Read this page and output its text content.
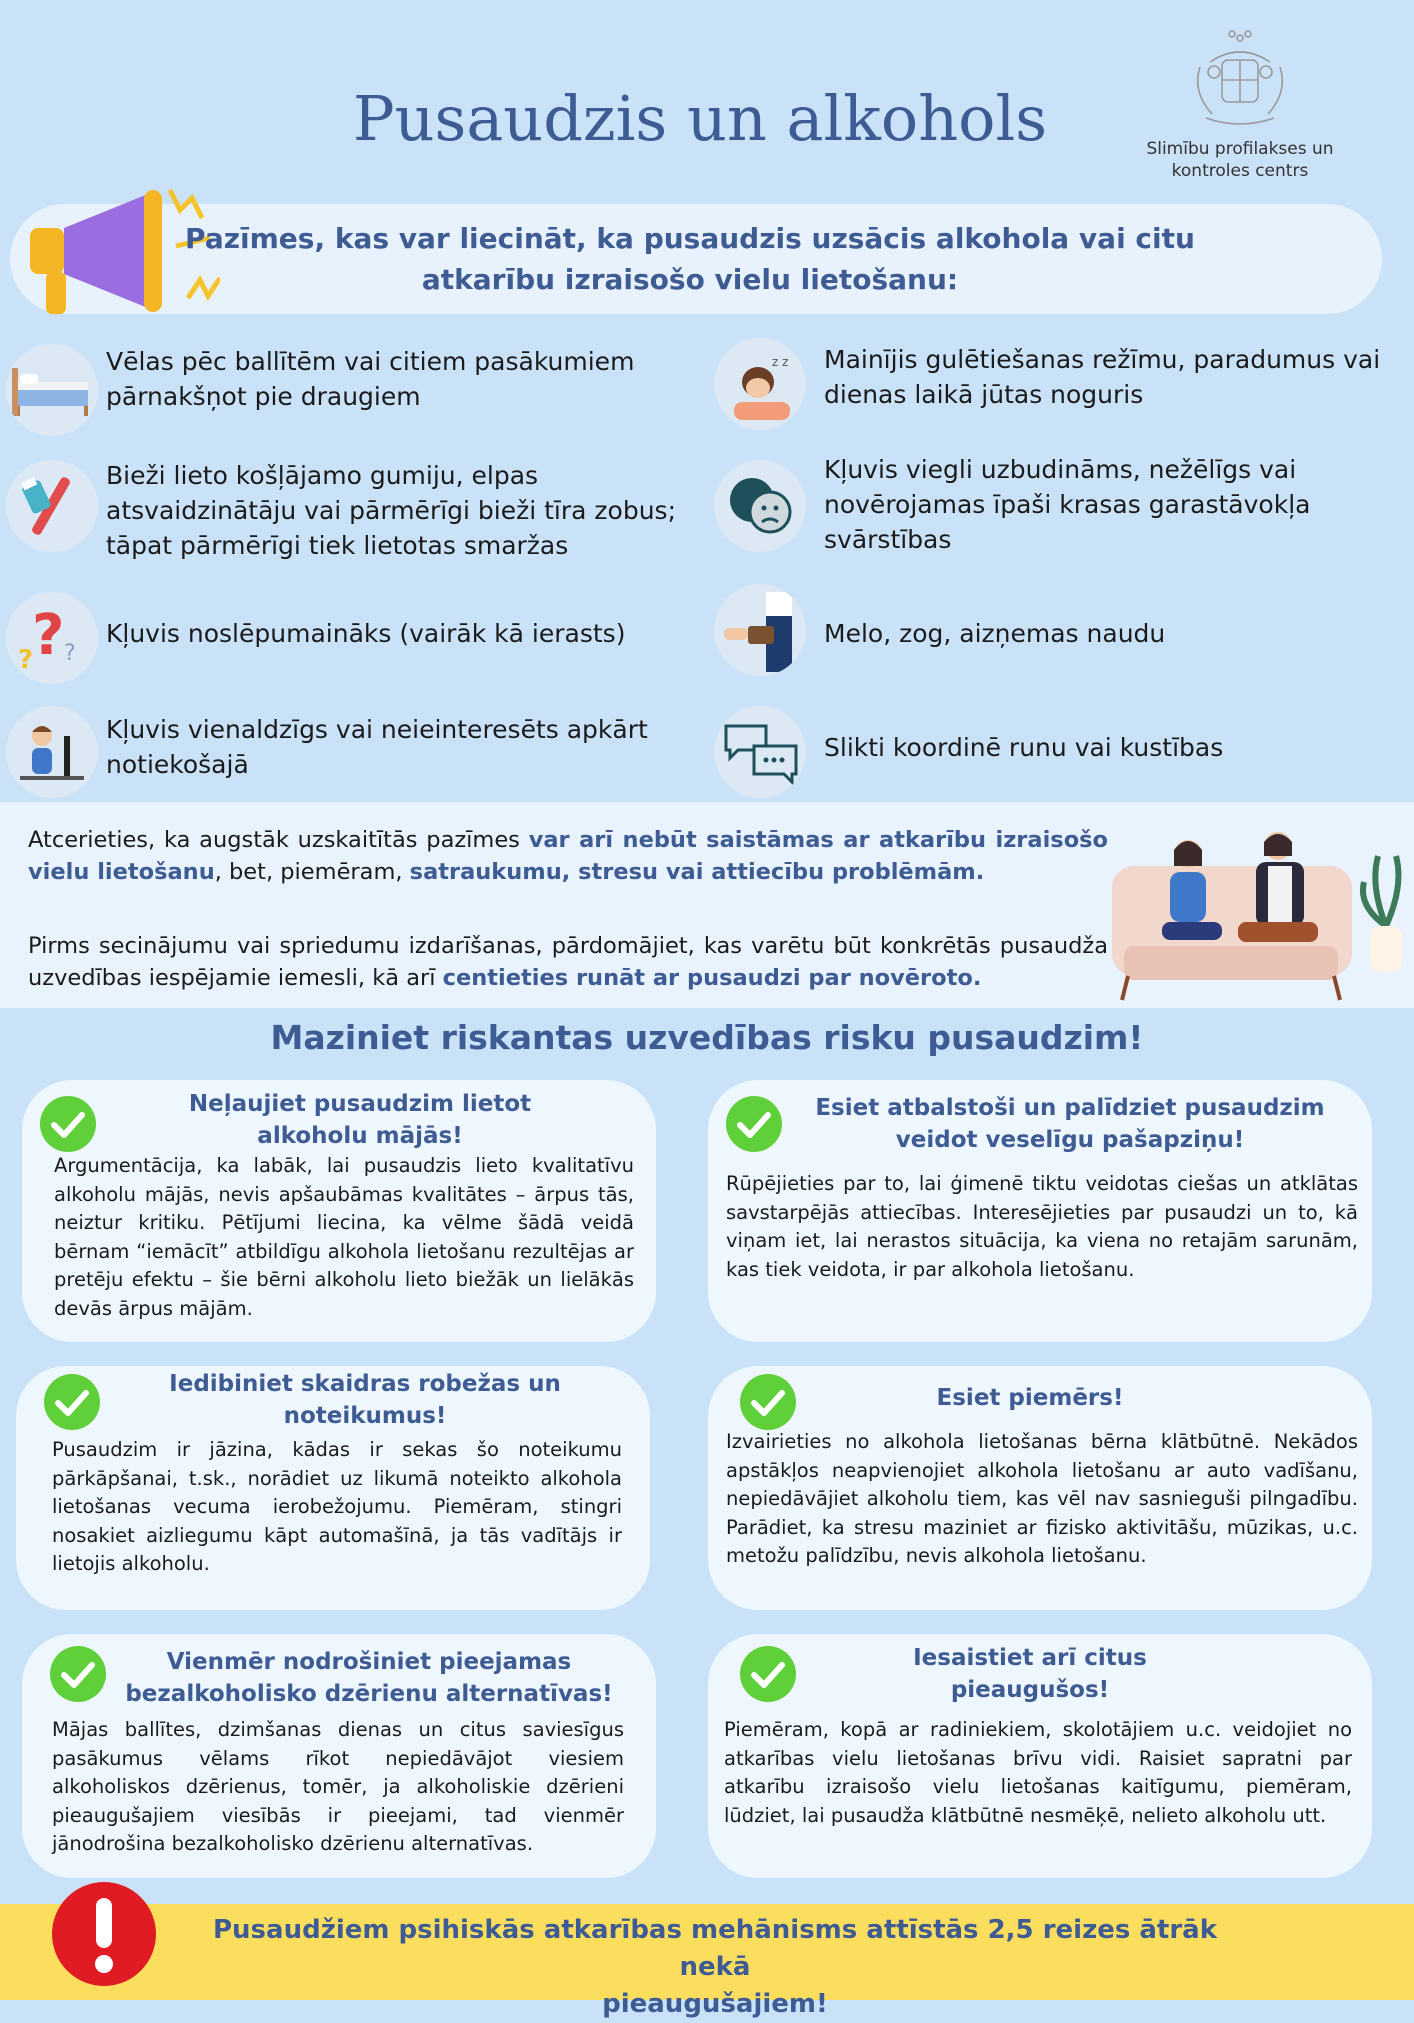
Pusaudzis un alkohols	Slimību profilakses un
kontroles centrs
Pazīmes, kas var liecināt, ka pusaudzis uzsācis alkohola vai citu
atkarību izraisošo vielu lietošanu:
Vēlas pēc ballītēm vai citiem pasākumiem pārnakšņot pie draugiem
z z Mainījis gulētiešanas režīmu, paradumus vai dienas laikā jūtas noguris
Bieži lieto košļājamo gumiju, elpas atsvaidzinātāju vai pārmērīgi bieži tīra zobus; tāpat pārmērīgi tiek lietotas smaržas
Kļuvis viegli uzbudināms, nežēlīgs vai novērojamas īpaši krasas garastāvokļa svārstības
?
? ?
Kļuvis noslēpumaināks (vairāk kā ierasts)	Melo, zog, aizņemas naudu
Kļuvis vienaldzīgs vai neieinteresēts apkārt notiekošajā
Slikti koordinē runu vai kustības
Atcerieties, ka augstāk uzskaitītās pazīmes var arī nebūt saistāmas ar atkarību izraisošo vielu lietošanu, bet, piemēram, satraukumu, stresu vai attiecību problēmām.
Pirms secinājumu vai spriedumu izdarīšanas, pārdomājiet, kas varētu būt konkrētās pusaudža uzvedības iespējamie iemesli, kā arī centieties runāt ar pusaudzi par novēroto.
Maziniet riskantas uzvedības risku pusaudzim!
Neļaujiet pusaudzim lietot
alkoholu mājās!
Argumentācija, ka labāk, lai pusaudzis lieto kvalitatīvu alkoholu mājās, nevis apšaubāmas kvalitātes – ārpus tās, neiztur kritiku. Pētījumi liecina, ka vēlme šādā veidā bērnam “iemācīt” atbildīgu alkohola lietošanu rezultējas ar pretēju efektu – šie bērni alkoholu lieto biežāk un lielākās devās ārpus mājām.
Esiet atbalstoši un palīdziet pusaudzim
veidot veselīgu pašapziņu!
Rūpējieties par to, lai ģimenē tiktu veidotas ciešas un atklātas savstarpējās attiecības. Interesējieties par pusaudzi un to, kā viņam iet, lai nerastos situācija, ka viena no retajām sarunām, kas tiek veidota, ir par alkohola lietošanu.
Iedibiniet skaidras robežas un
noteikumus!
Pusaudzim ir jāzina, kādas ir sekas šo noteikumu pārkāpšanai, t.sk., norādiet uz likumā noteikto alkohola lietošanas vecuma ierobežojumu. Piemēram, stingri nosakiet aizliegumu kāpt automašīnā, ja tās vadītājs ir lietojis alkoholu.
Esiet piemērs!
Izvairieties no alkohola lietošanas bērna klātbūtnē. Nekādos apstākļos neapvienojiet alkohola lietošanu ar auto vadīšanu, nepiedāvājiet alkoholu tiem, kas vēl nav sasnieguši pilngadību. Parādiet, ka stresu maziniet ar fizisko aktivitāšu, mūzikas, u.c. metožu palīdzību, nevis alkohola lietošanu.
Vienmēr nodrošiniet pieejamas
bezalkoholisko dzērienu alternatīvas!
Mājas ballītes, dzimšanas dienas un citus saviesīgus pasākumus vēlams rīkot nepiedāvājot viesiem alkoholiskos dzērienus, tomēr, ja alkoholiskie dzērieni pieaugušajiem viesībās ir pieejami, tad vienmēr jānodrošina bezalkoholisko dzērienu alternatīvas.
Iesaistiet arī citus
pieaugušos!
Piemēram, kopā ar radiniekiem, skolotājiem u.c. veidojiet no atkarības vielu lietošanas brīvu vidi. Raisiet sapratni par atkarību izraisošo vielu lietošanas kaitīgumu, piemēram, lūdziet, lai pusaudža klātbūtnē nesmēķē, nelieto alkoholu utt.
Pusaudžiem psihiskās atkarības mehānisms attīstās 2,5 reizes ātrāk nekā
pieaugušajiem!
